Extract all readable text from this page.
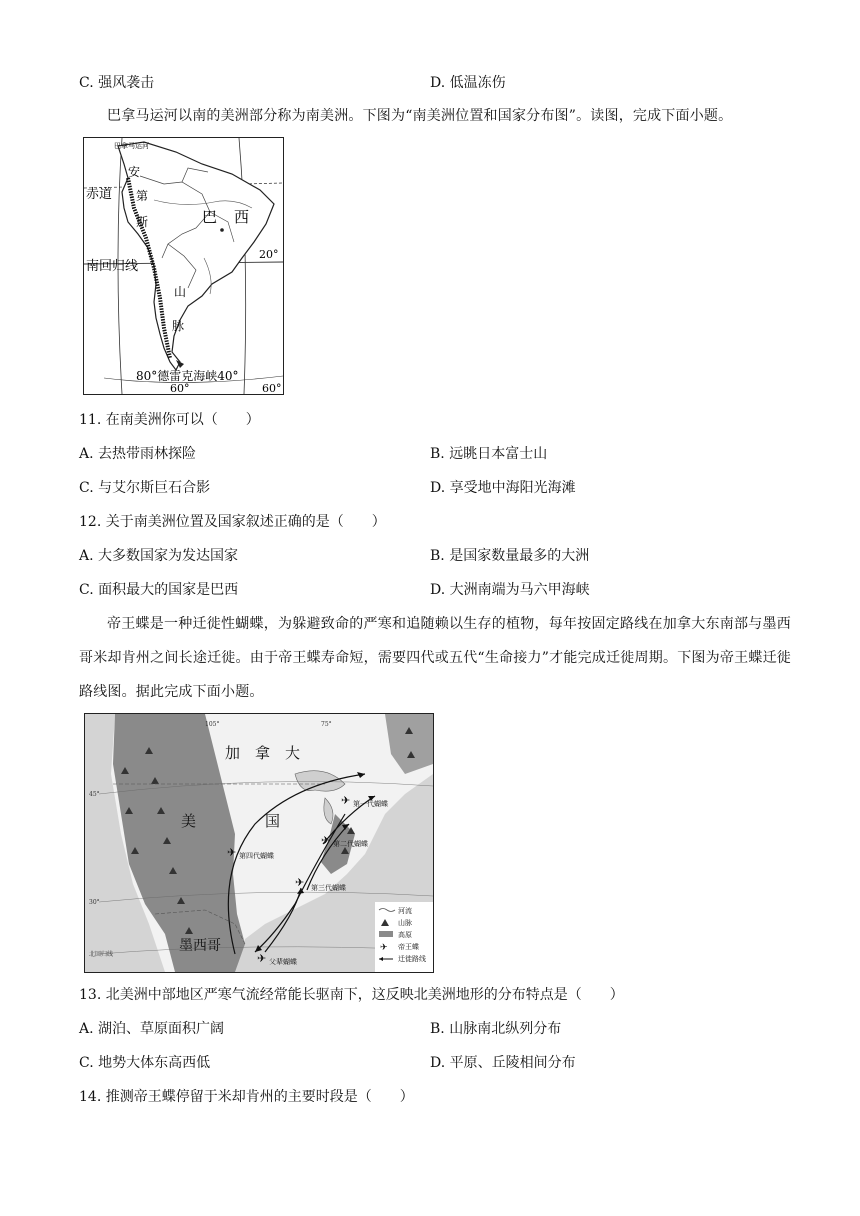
C. 强风袭击	D. 低温冻伤
巴拿马运河以南的美洲部分称为南美洲。下图为“南美洲位置和国家分布图”。读图，完成下面小题。
巴拿马运河
安
赤道 第
斯	巴 西
20°
南回归线
山
脉
80°德雷克海峡40°
60°	60°
11. 在南美洲你可以（　　）
A. 去热带雨林探险	B. 远眺日本富士山
C. 与艾尔斯巨石合影	D. 享受地中海阳光海滩
12. 关于南美洲位置及国家叙述正确的是（　　）
A. 大多数国家为发达国家	B. 是国家数量最多的大洲
C. 面积最大的国家是巴西	D. 大洲南端为马六甲海峡
帝王蝶是一种迁徙性蝴蝶，为躲避致命的严寒和追随赖以生存的植物，每年按固定路线在加拿大东南部与墨西哥米却肯州之间长途迁徙。由于帝王蝶寿命短，需要四代或五代“生命接力”才能完成迁徙周期。下图为帝王蝶迁徙路线图。据此完成下面小题。
✈
✈
✈
✈
✈
加　拿　大
美	国
墨西哥
105°	75°
45°
30°
北回归线
第一代蝴蝶
第二代蝴蝶
第三代蝴蝶
第四代蝴蝶
父辈蝴蝶
河流
山脉
高原
✈ 帝王蝶
迁徙路线
13. 北美洲中部地区严寒气流经常能长驱南下，这反映北美洲地形的分布特点是（　　）
A. 湖泊、草原面积广阔	B. 山脉南北纵列分布
C. 地势大体东高西低	D. 平原、丘陵相间分布
14. 推测帝王蝶停留于米却肯州的主要时段是（　　）
